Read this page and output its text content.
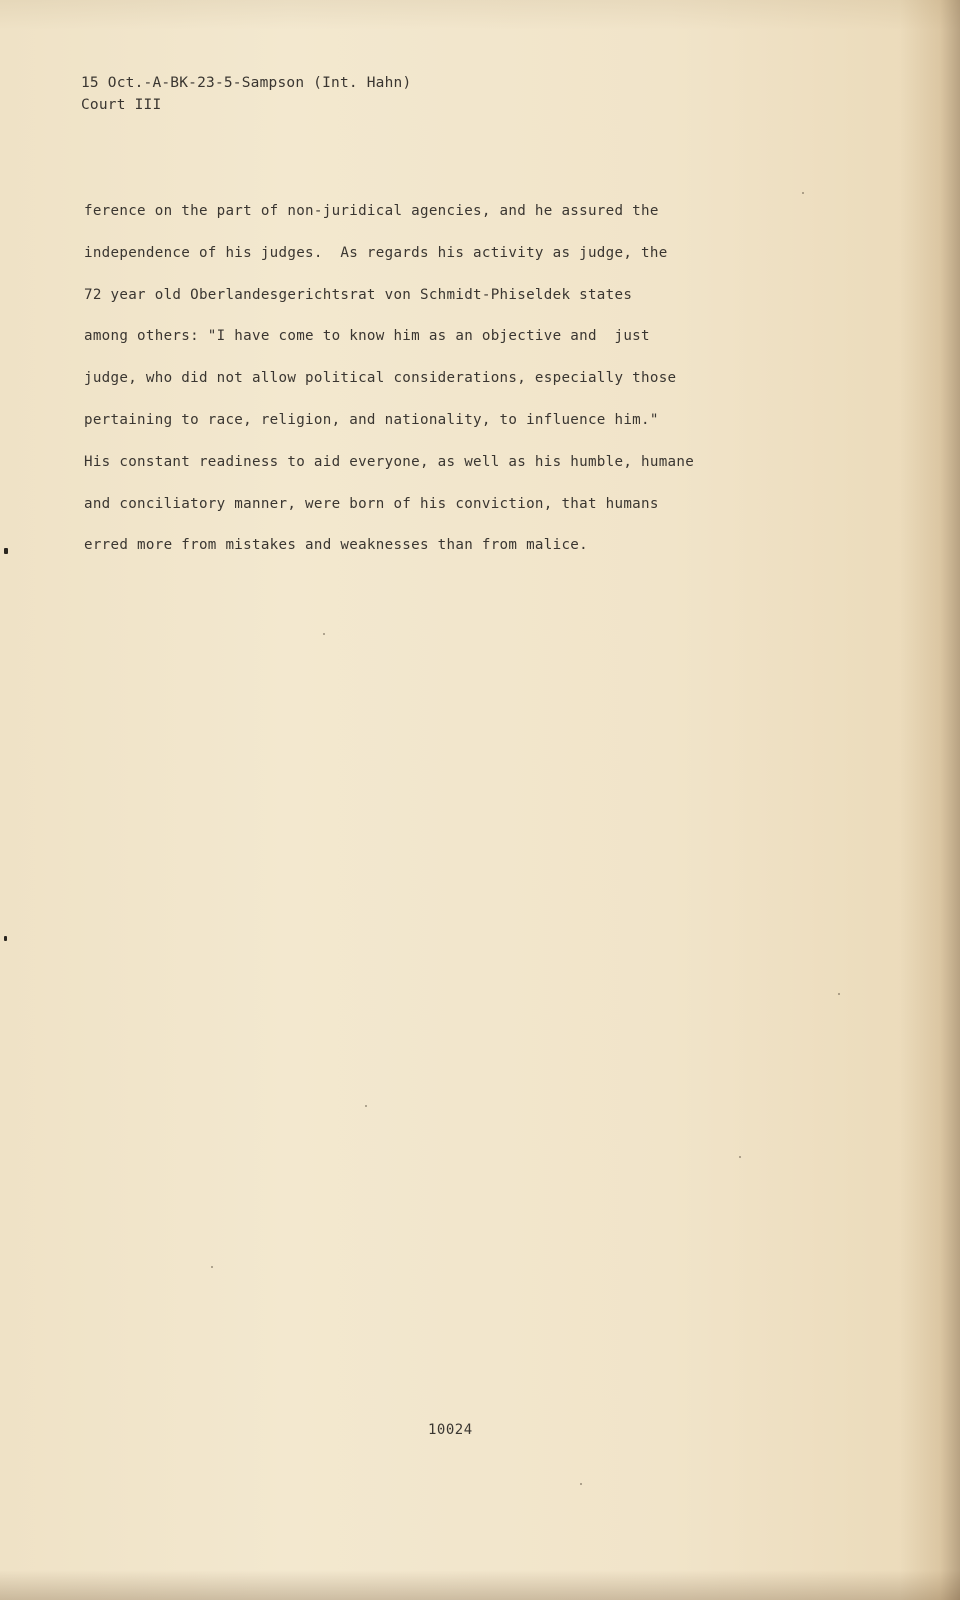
15 Oct.-A-BK-23-5-Sampson (Int. Hahn)
Court III
ference on the part of non-juridical agencies, and he assured the
independence of his judges.  As regards his activity as judge, the
72 year old Oberlandesgerichtsrat von Schmidt-Phiseldek states
among others: "I have come to know him as an objective and  just
judge, who did not allow political considerations, especially those
pertaining to race, religion, and nationality, to influence him."
His constant readiness to aid everyone, as well as his humble, humane
and conciliatory manner, were born of his conviction, that humans
erred more from mistakes and weaknesses than from malice.
10024
